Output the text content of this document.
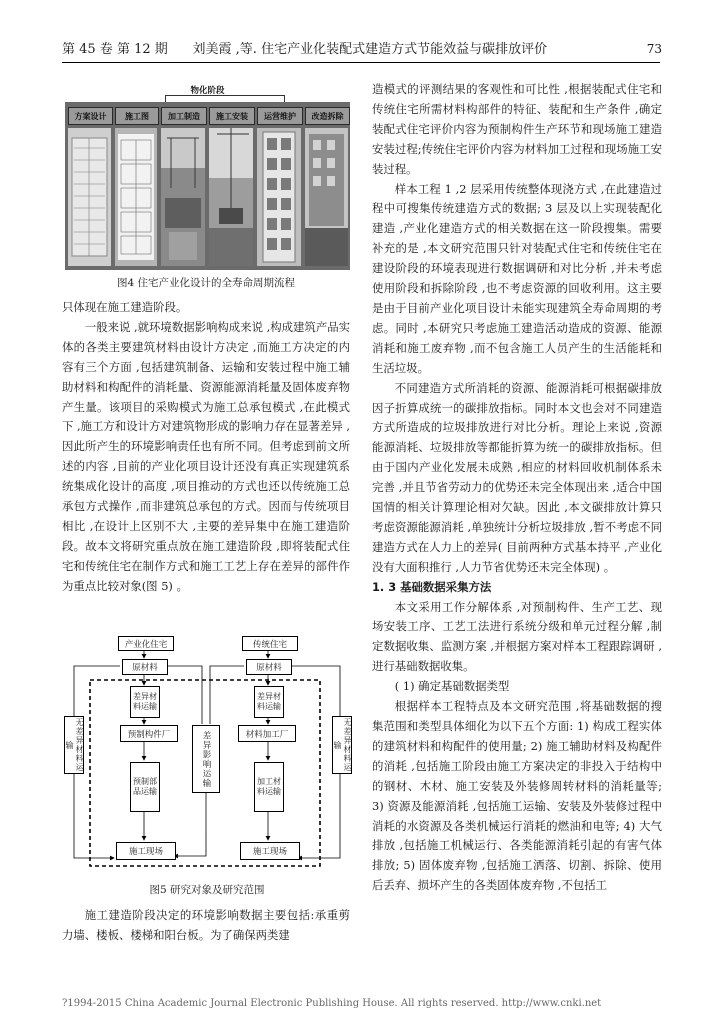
第 45 卷 第 12 期 刘美霞 ,等. 住宅产业化装配式建造方式节能效益与碳排放评价	73
物化阶段
方案设计	施工图	加工制造	施工安装	运营维护	改造拆除
图4 住宅产业化设计的全寿命周期流程

只体现在施工建造阶段。

一般来说 ,就环境数据影响构成来说 ,构成建筑产品实体的各类主要建筑材料由设计方决定 ,而施工方决定的内容有三个方面 ,包括建筑制备、运输和安装过程中施工辅助材料和构配件的消耗量、资源能源消耗量及固体废弃物产生量。该项目的采购模式为施工总承包模式 ,在此模式下 ,施工方和设计方对建筑物形成的影响力存在显著差异 ,因此所产生的环境影响责任也有所不同。但考虑到前文所述的内容 ,目前的产业化项目设计还没有真正实现建筑系统集成化设计的高度 ,项目推动的方式也还以传统施工总承包方式操作 ,而非建筑总承包的方式。因而与传统项目相比 ,在设计上区别不大 ,主要的差异集中在施工建造阶段。故本文将研究重点放在施工建造阶段 ,即将装配式住宅和传统住宅在制作方式和施工工艺上存在差异的部件作为重点比较对象(图 5) 。

产业化住宅	传统住宅
原材料	原材料
差异材料运输
差异材料运输
预制构件厂	材料加工厂
差异影响运输
预制部品运输
加工材料运输
施工现场	施工现场
无差异材料运输	无差异材料运输
图5 研究对象及研究范围

施工建造阶段决定的环境影响数据主要包括:承重剪力墙、楼板、楼梯和阳台板。为了确保两类建

造模式的评测结果的客观性和可比性 ,根据装配式住宅和传统住宅所需材料构部件的特征、装配和生产条件 ,确定装配式住宅评价内容为预制构件生产环节和现场施工建造安装过程;传统住宅评价内容为材料加工过程和现场施工安装过程。

样本工程 1 ,2 层采用传统整体现浇方式 ,在此建造过程中可搜集传统建造方式的数据; 3 层及以上实现装配化建造 ,产业化建造方式的相关数据在这一阶段搜集。需要补充的是 ,本文研究范围只针对装配式住宅和传统住宅在建设阶段的环境表现进行数据调研和对比分析 ,并未考虑使用阶段和拆除阶段 ,也不考虑资源的回收利用。这主要是由于目前产业化项目设计未能实现建筑全寿命周期的考虑。同时 ,本研究只考虑施工建造活动造成的资源、能源消耗和施工废弃物 ,而不包含施工人员产生的生活能耗和生活垃圾。

不同建造方式所消耗的资源、能源消耗可根据碳排放因子折算成统一的碳排放指标。同时本文也会对不同建造方式所造成的垃圾排放进行对比分析。理论上来说 ,资源能源消耗、垃圾排放等都能折算为统一的碳排放指标。但由于国内产业化发展未成熟 ,相应的材料回收机制体系未完善 ,并且节省劳动力的优势还未完全体现出来 ,适合中国国情的相关计算理论相对欠缺。因此 ,本文碳排放计算只考虑资源能源消耗 ,单独统计分析垃圾排放 ,暂不考虑不同建造方式在人力上的差异( 目前两种方式基本持平 ,产业化没有大面积推行 ,人力节省优势还未完全体现) 。

1. 3 基础数据采集方法

本文采用工作分解体系 ,对预制构件、生产工艺、现场安装工序、工艺工法进行系统分级和单元过程分解 ,制定数据收集、监测方案 ,并根据方案对样本工程跟踪调研 ,进行基础数据收集。

( 1) 确定基础数据类型

根据样本工程特点及本文研究范围 ,将基础数据的搜集范围和类型具体细化为以下五个方面: 1) 构成工程实体的建筑材料和构配件的使用量; 2) 施工辅助材料及构配件的消耗 ,包括施工阶段由施工方案决定的非投入于结构中的钢材、木材、施工安装及外装修周转材料的消耗量等; 3) 资源及能源消耗 ,包括施工运输、安装及外装修过程中消耗的水资源及各类机械运行消耗的燃油和电等; 4) 大气排放 ,包括施工机械运行、各类能源消耗引起的有害气体排放; 5) 固体废弃物 ,包括施工洒落、切割、拆除、使用后丢弃、损坏产生的各类固体废弃物 ,不包括工

?1994-2015 China Academic Journal Electronic Publishing House. All rights reserved. http://www.cnki.net
